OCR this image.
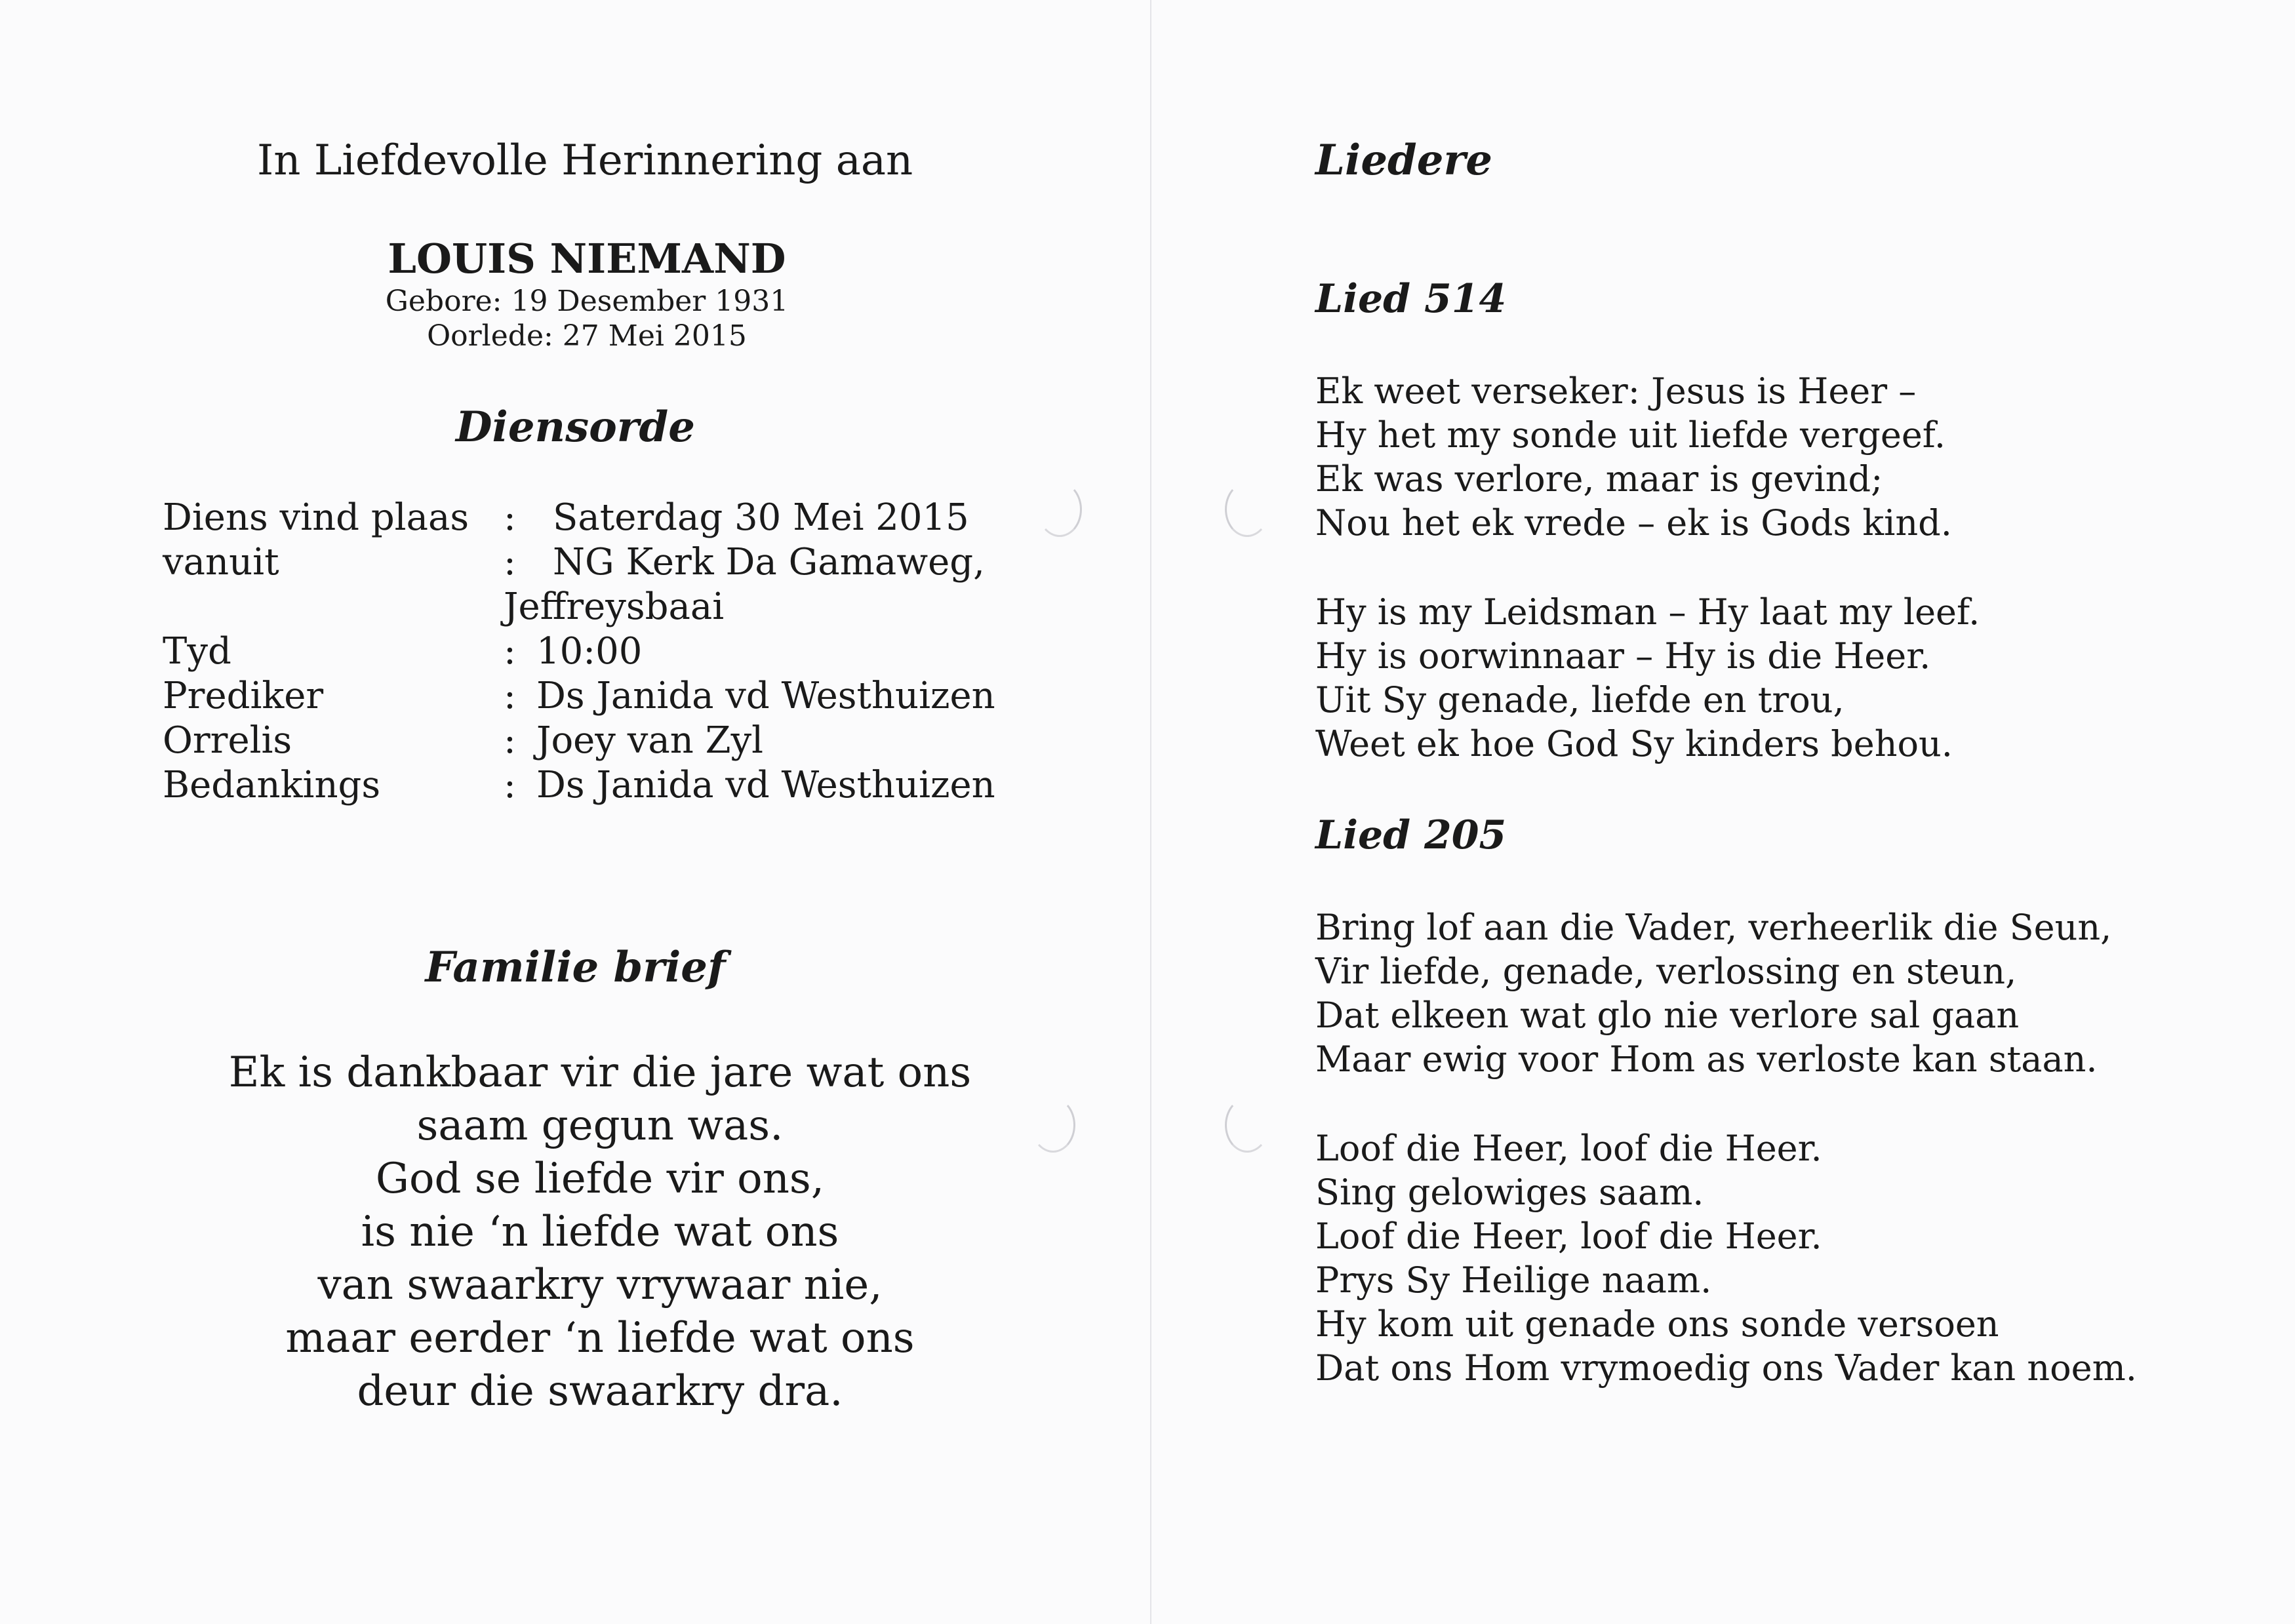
In Liefdevolle Herinnering aan
LOUIS NIEMAND
Gebore: 19 Desember 1931
Oorlede: 27 Mei 2015
Diensorde
Diens vind plaas : Saterdag 30 Mei 2015
vanuit	: NG Kerk Da Gamaweg,
Jeffreysbaai
Tyd	: 10:00
Prediker	: Ds Janida vd Westhuizen
Orrelis	: Joey van Zyl
Bedankings	: Ds Janida vd Westhuizen
Familie brief
Ek is dankbaar vir die jare wat ons
saam gegun was.
God se liefde vir ons,
is nie ‘n liefde wat ons
van swaarkry vrywaar nie,
maar eerder ‘n liefde wat ons
deur die swaarkry dra.
Liedere
Lied 514
Ek weet verseker: Jesus is Heer –
Hy het my sonde uit liefde vergeef.
Ek was verlore, maar is gevind;
Nou het ek vrede – ek is Gods kind.
Hy is my Leidsman – Hy laat my leef.
Hy is oorwinnaar – Hy is die Heer.
Uit Sy genade, liefde en trou,
Weet ek hoe God Sy kinders behou.
Lied 205
Bring lof aan die Vader, verheerlik die Seun,
Vir liefde, genade, verlossing en steun,
Dat elkeen wat glo nie verlore sal gaan
Maar ewig voor Hom as verloste kan staan.
Loof die Heer, loof die Heer.
Sing gelowiges saam.
Loof die Heer, loof die Heer.
Prys Sy Heilige naam.
Hy kom uit genade ons sonde versoen
Dat ons Hom vrymoedig ons Vader kan noem.
